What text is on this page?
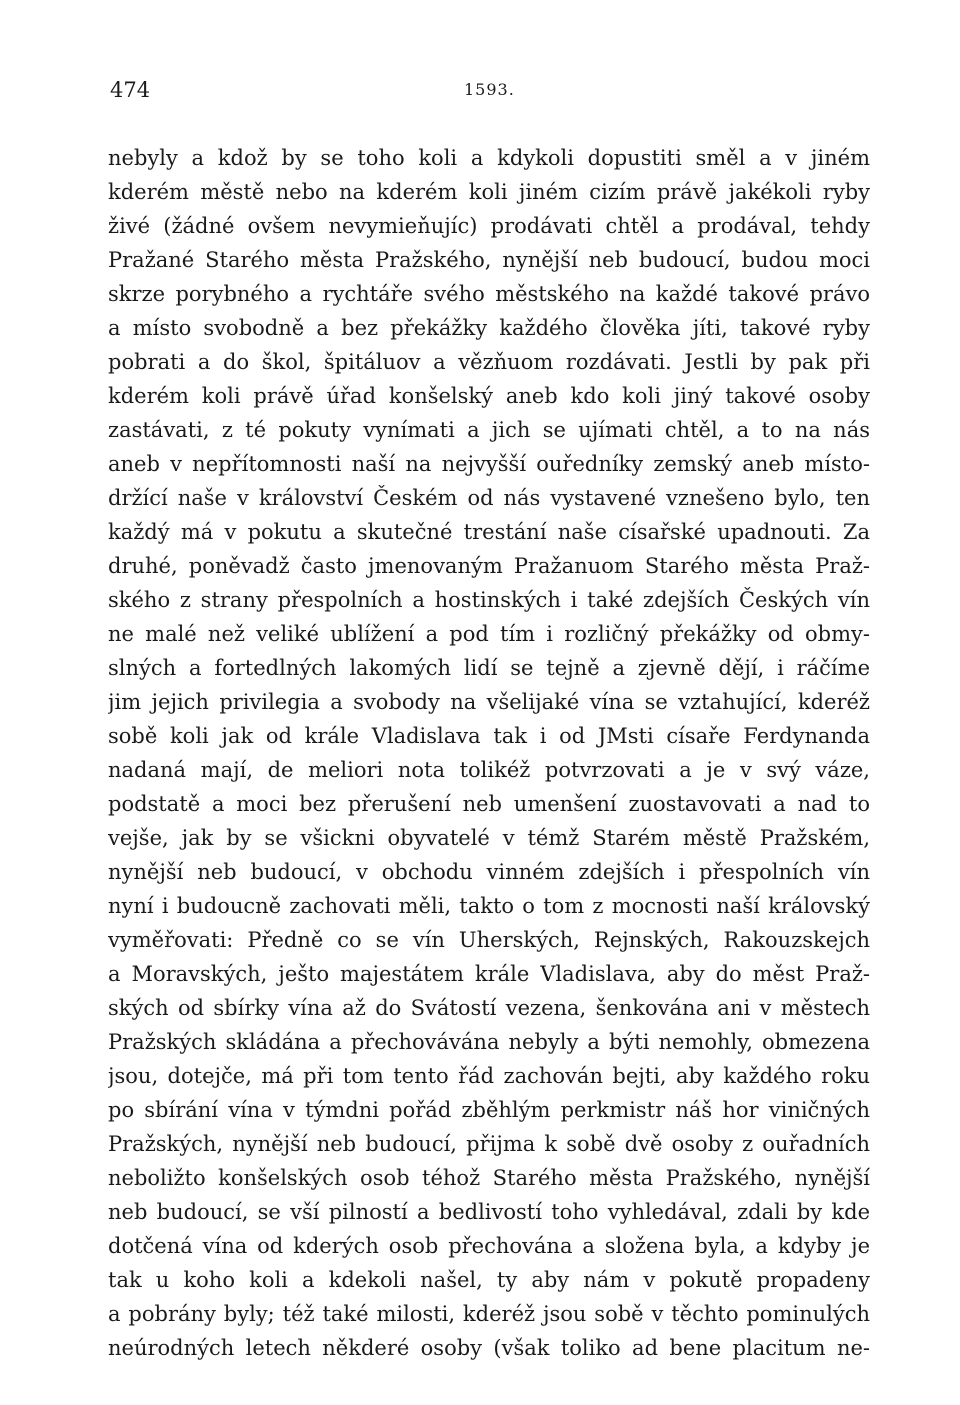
474	1593.
nebyly a kdož by se toho koli a kdykoli dopustiti směl a v jiném
kderém městě nebo na kderém koli jiném cizím právě jakékoli ryby
živé (žádné ovšem nevymieňujíc) prodávati chtěl a prodával, tehdy
Pražané Starého města Pražského, nynější neb budoucí, budou moci
skrze porybného a rychtáře svého městského na každé takové právo
a místo svobodně a bez překážky každého člověka jíti, takové ryby
pobrati a do škol, špitáluov a vězňuom rozdávati. Jestli by pak při
kderém koli právě úřad konšelský aneb kdo koli jiný takové osoby
zastávati, z té pokuty vynímati a jich se ujímati chtěl, a to na nás
aneb v nepřítomnosti naší na nejvyšší ouředníky zemský aneb místo-
držící naše v království Českém od nás vystavené vznešeno bylo, ten
každý má v pokutu a skutečné trestání naše císařské upadnouti. Za
druhé, poněvadž často jmenovaným Pražanuom Starého města Praž-
ského z strany přespolních a hostinských i také zdejších Českých vín
ne malé než veliké ublížení a pod tím i rozličný překážky od obmy-
slných a fortedlných lakomých lidí se tejně a zjevně dějí, i ráčíme
jim jejich privilegia a svobody na všelijaké vína se vztahující, kderéž
sobě koli jak od krále Vladislava tak i od JMsti císaře Ferdynanda
nadaná mají, de meliori nota tolikéž potvrzovati a je v svý váze,
podstatě a moci bez přerušení neb umenšení zuostavovati a nad to
vejše, jak by se všickni obyvatelé v témž Starém městě Pražském,
nynější neb budoucí, v obchodu vinném zdejších i přespolních vín
nyní i budoucně zachovati měli, takto o tom z mocnosti naší královský
vyměřovati: Předně co se vín Uherských, Rejnských, Rakouzskejch
a Moravských, ješto majestátem krále Vladislava, aby do měst Praž-
ských od sbírky vína až do Svátostí vezena, šenkována ani v městech
Pražských skládána a přechovávána nebyly a býti nemohly, obmezena
jsou, dotejče, má při tom tento řád zachován bejti, aby každého roku
po sbírání vína v týmdni pořád zběhlým perkmistr náš hor viničných
Pražských, nynější neb budoucí, přijma k sobě dvě osoby z ouřadních
neboližto konšelských osob téhož Starého města Pražského, nynější
neb budoucí, se vší pilností a bedlivostí toho vyhledával, zdali by kde
dotčená vína od kderých osob přechována a složena byla, a kdyby je
tak u koho koli a kdekoli našel, ty aby nám v pokutě propadeny
a pobrány byly; též také milosti, kderéž jsou sobě v těchto pominulých
neúrodných letech někderé osoby (však toliko ad bene placitum ne-
